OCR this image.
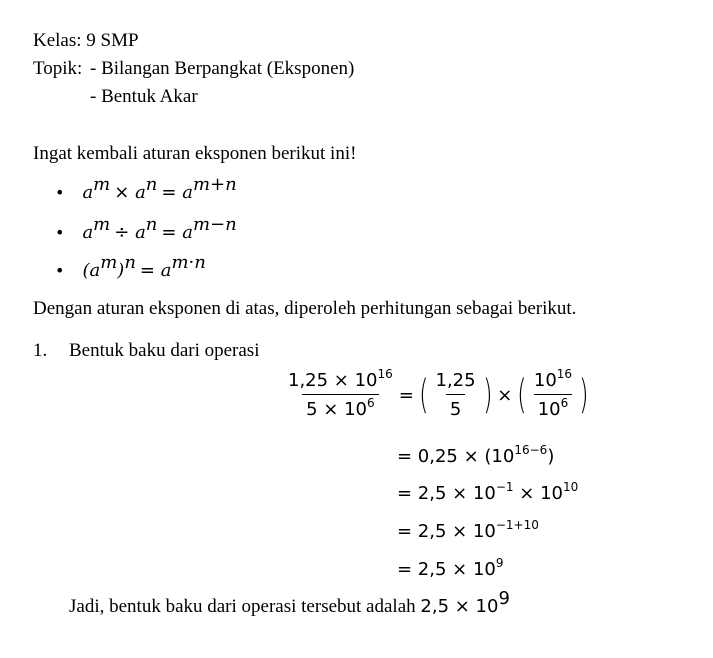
Kelas: 9 SMP
Topik: - Bilangan Berpangkat (Eksponen)
- Bentuk Akar
Ingat kembali aturan eksponen berikut ini!
• $a^m \times a^n = a^{m+n}$
• $a^m \div a^n = a^{m-n}$
• $(a^m)^n = a^{m\cdot n}$
Dengan aturan eksponen di atas, diperoleh perhitungan sebagai berikut.
1. Bentuk baku dari operasi
$\frac{1,25 \times 10^{16}}{5 \times 10^6}$ = ( $\frac{1,25}{5}$ ) × ( $\frac{10^{16}}{10^6}$ )
= $0,25 \times (10^{16-6})$
= $2,5 \times 10^{-1} \times 10^{10}$
= $2,5 \times 10^{-1+10}$
= $2,5 \times 10^9$
Jadi, bentuk baku dari operasi tersebut adalah $2,5 \times 10^9$
